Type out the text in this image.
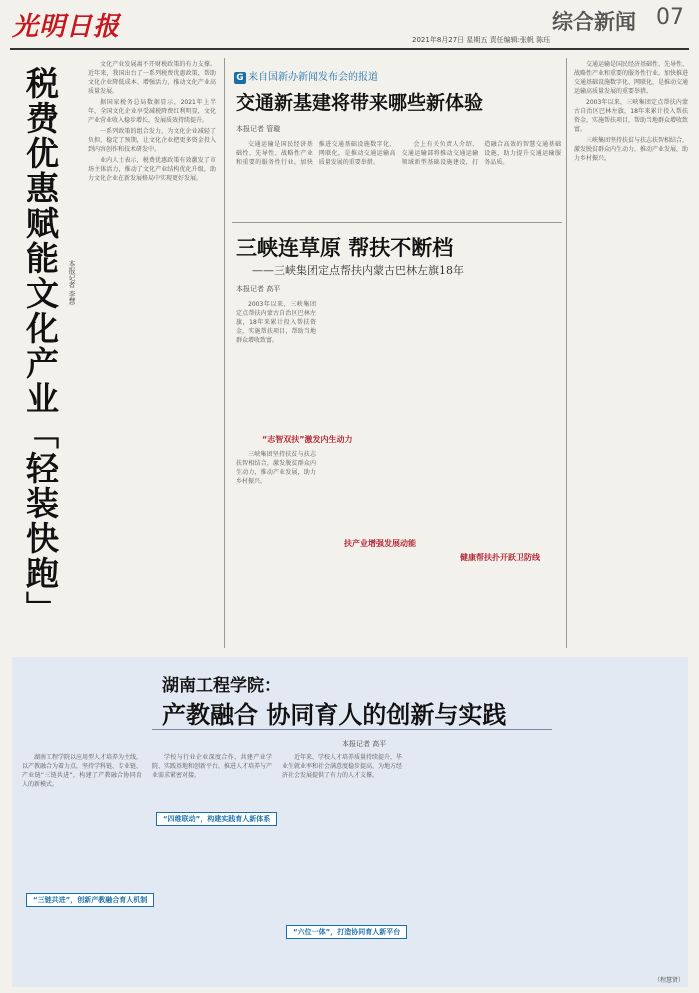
光明日报	2021年8月27日 星期五 责任编辑:张帆 陈珏
综合新闻 07
税费优惠赋能文化产业「轻装快跑」 本报记者 李慧

文化产业发展离不开财税政策的有力支撑。近年来，我国出台了一系列税费优惠政策，帮助文化企业降低成本、增强活力，推动文化产业高质量发展。

据国家税务总局数据显示，2021年上半年，全国文化企业享受减税降费红利明显，文化产业营业收入稳步增长，发展质效持续提升。

一系列政策的组合发力，为文化企业减轻了负担、稳定了预期，让文化企业把更多资金投入到内容创作和技术研发中。

业内人士表示，税费优惠政策有效激发了市场主体活力，推动了文化产业结构优化升级，助力文化企业在新发展格局中实现更好发展。

G 来自国新办新闻发布会的报道
交通新基建将带来哪些新体验
本报记者 管璇

交通运输是国民经济基础性、先导性、战略性产业和重要的服务性行业。加快推进交通基础设施数字化、网联化，是推动交通运输高质量发展的重要举措。

会上有关负责人介绍，交通运输部将推动交通运输领域新型基础设施建设，打造融合高效的智慧交通基础设施，助力提升交通运输服务品质。

三峡连草原 帮扶不断档
——三峡集团定点帮扶内蒙古巴林左旗18年
本报记者 高平

2003年以来，三峡集团定点帮扶内蒙古自治区巴林左旗，18年来累计投入帮扶资金，实施帮扶项目，帮助当地群众增收致富。

“志智双扶”激发内生动力

三峡集团坚持扶贫与扶志扶智相结合，激发脱贫群众内生动力，推动产业发展，助力乡村振兴。

扶产业增强发展动能
健康帮扶扑开跃卫防线

交通运输是国民经济基础性、先导性、战略性产业和重要的服务性行业。加快推进交通基础设施数字化、网联化，是推动交通运输高质量发展的重要举措。

2003年以来，三峡集团定点帮扶内蒙古自治区巴林左旗，18年来累计投入帮扶资金，实施帮扶项目，帮助当地群众增收致富。

三峡集团坚持扶贫与扶志扶智相结合，激发脱贫群众内生动力，推动产业发展，助力乡村振兴。

湖南工程学院：
产教融合 协同育人的创新与实践
本报记者 高平

湖南工程学院以应用型人才培养为主线，以产教融合为着力点，坚持学科链、专业链、产业链“三链共进”，构建了产教融合协同育人的新模式。

“三链共进”，创新产教融合育人机制

学校与行业企业深度合作，共建产业学院、实践基地和创新平台，推进人才培养与产业需求紧密对接。

“四维联动”，构建实践育人新体系

近年来，学校人才培养质量持续提升，毕业生就业率和社会满意度稳步提高，为地方经济社会发展提供了有力的人才支撑。

“六位一体”，打造协同育人新平台
（程慧贤）
